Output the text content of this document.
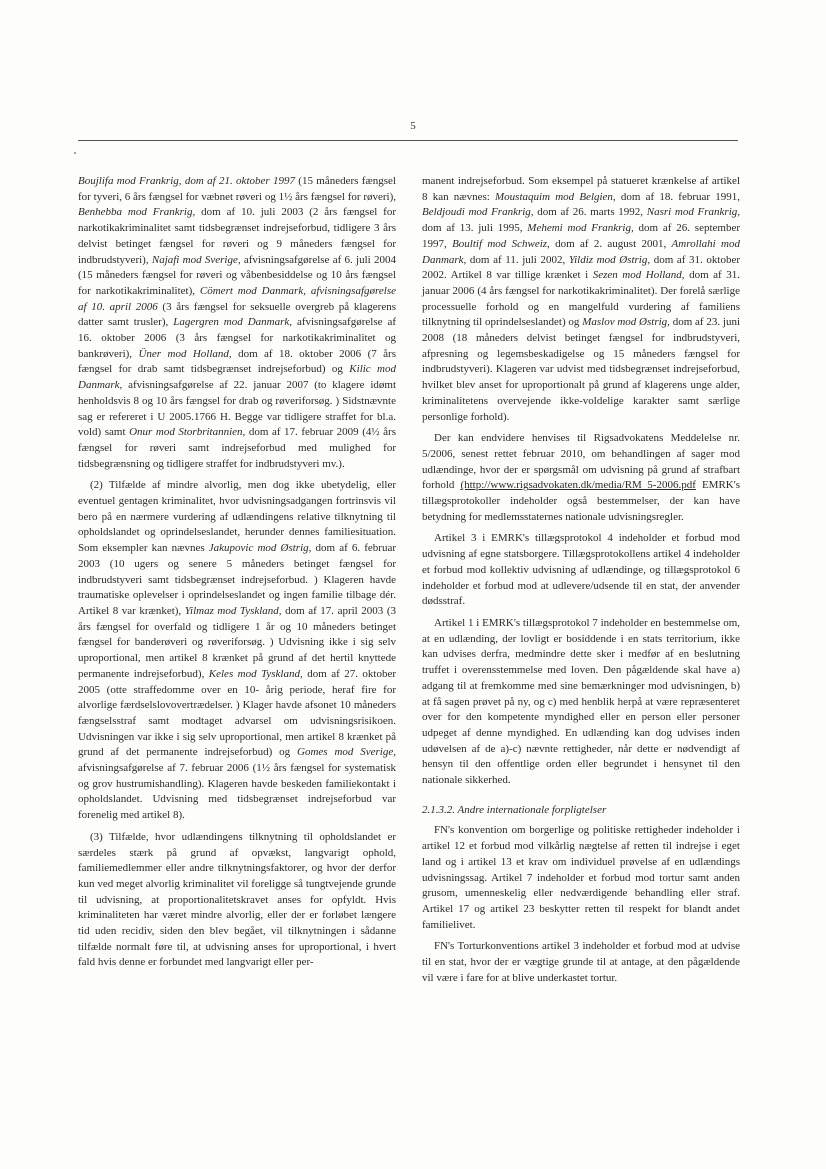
5

Boujlifa mod Frankrig, dom af 21. oktober 1997 (15 måneders fængsel for tyveri, 6 års fængsel for væbnet røveri og 1½ års fængsel for røveri), Benhebba mod Frankrig, dom af 10. juli 2003 (2 års fængsel for narkotikakriminalitet samt tidsbegrænset indrejseforbud, tidligere 3 års delvist betinget fængsel for røveri og 9 måneders fængsel for indbrudstyveri), Najafi mod Sverige, afvisningsafgørelse af 6. juli 2004 (15 måneders fængsel for røveri og våbenbesiddelse og 10 års fængsel for narkotikakriminalitet), Cömert mod Danmark, afvisningsafgørelse af 10. april 2006 (3 års fængsel for seksuelle overgreb på klagerens datter samt trusler), Lagergren mod Danmark, afvisningsafgørelse af 16. oktober 2006 (3 års fængsel for narkotikakriminalitet og bankrøveri), Üner mod Holland, dom af 18. oktober 2006 (7 års fængsel for drab samt tidsbegrænset indrejseforbud) og Kilic mod Danmark, afvisningsafgørelse af 22. januar 2007 (to klagere idømt henholdsvis 8 og 10 års fængsel for drab og røveriforsøg. ) Sidstnævnte sag er refereret i U 2005.1766 H. Begge var tidligere straffet for bl.a. vold) samt Onur mod Storbritannien, dom af 17. februar 2009 (4½ års fængsel for røveri samt indrejseforbud med mulighed for tidsbegrænsning og tidligere straffet for indbrudstyveri mv.).

(2) Tilfælde af mindre alvorlig, men dog ikke ubetydelig, eller eventuel gentagen kriminalitet, hvor udvisningsadgangen fortrinsvis vil bero på en nærmere vurdering af udlændingens relative tilknytning til opholdslandet og oprindelseslandet, herunder dennes familiesituation. Som eksempler kan nævnes Jakupovic mod Østrig, dom af 6. februar 2003 (10 ugers og senere 5 måneders betinget fængsel for indbrudstyveri samt tidsbegrænset indrejseforbud. ) Klageren havde traumatiske oplevelser i oprindelseslandet og ingen familie tilbage dér. Artikel 8 var krænket), Yilmaz mod Tyskland, dom af 17. april 2003 (3 års fængsel for overfald og tidligere 1 år og 10 måneders betinget fængsel for banderøveri og røveriforsøg. ) Udvisning ikke i sig selv uproportional, men artikel 8 krænket på grund af det hertil knyttede permanente indrejseforbud), Keles mod Tyskland, dom af 27. oktober 2005 (otte straffedomme over en 10- årig periode, heraf fire for alvorlige færdselslovovertrædelser. ) Klager havde afsonet 10 måneders fængselsstraf samt modtaget advarsel om udvisningsrisikoen. Udvisningen var ikke i sig selv uproportional, men artikel 8 krænket på grund af det permanente indrejseforbud) og Gomes mod Sverige, afvisningsafgørelse af 7. februar 2006 (1½ års fængsel for systematisk og grov hustrumishandling). Klageren havde beskeden familiekontakt i opholdslandet. Udvisning med tidsbegrænset indrejseforbud var forenelig med artikel 8).

(3) Tilfælde, hvor udlændingens tilknytning til opholdslandet er særdeles stærk på grund af opvækst, langvarigt ophold, familiemedlemmer eller andre tilknytningsfaktorer, og hvor der derfor kun ved meget alvorlig kriminalitet vil foreligge så tungtvejende grunde til udvisning, at proportionalitetskravet anses for opfyldt. Hvis kriminaliteten har været mindre alvorlig, eller der er forløbet længere tid uden recidiv, siden den blev begået, vil tilknytningen i sådanne tilfælde normalt føre til, at udvisning anses for uproportional, i hvert fald hvis denne er forbundet med langvarigt eller per-

manent indrejseforbud. Som eksempel på statueret krænkelse af artikel 8 kan nævnes: Moustaquim mod Belgien, dom af 18. februar 1991, Beldjoudi mod Frankrig, dom af 26. marts 1992, Nasri mod Frankrig, dom af 13. juli 1995, Mehemi mod Frankrig, dom af 26. september 1997, Boultif mod Schweiz, dom af 2. august 2001, Amrollahi mod Danmark, dom af 11. juli 2002, Yildiz mod Østrig, dom af 31. oktober 2002. Artikel 8 var tillige krænket i Sezen mod Holland, dom af 31. januar 2006 (4 års fængsel for narkotikakriminalitet). Der forelå særlige processuelle forhold og en mangelfuld vurdering af familiens tilknytning til oprindelseslandet) og Maslov mod Østrig, dom af 23. juni 2008 (18 måneders delvist betinget fængsel for indbrudstyveri, afpresning og legemsbeskadigelse og 15 måneders fængsel for indbrudstyveri). Klageren var udvist med tidsbegrænset indrejseforbud, hvilket blev anset for uproportionalt på grund af klagerens unge alder, kriminalitetens overvejende ikke-voldelige karakter samt særlige personlige forhold).

Der kan endvidere henvises til Rigsadvokatens Meddelelse nr. 5/2006, senest rettet februar 2010, om behandlingen af sager mod udlændinge, hvor der er spørgsmål om udvisning på grund af strafbart forhold (http://www.rigsadvokaten.dk/media/RM_5-2006.pdf EMRK's tillægsprotokoller indeholder også bestemmelser, der kan have betydning for medlemsstaternes nationale udvisningsregler.

Artikel 3 i EMRK's tillægsprotokol 4 indeholder et forbud mod udvisning af egne statsborgere. Tillægsprotokollens artikel 4 indeholder et forbud mod kollektiv udvisning af udlændinge, og tillægsprotokol 6 indeholder et forbud mod at udlevere/udsende til en stat, der anvender dødsstraf.

Artikel 1 i EMRK's tillægsprotokol 7 indeholder en bestemmelse om, at en udlænding, der lovligt er bosiddende i en stats territorium, ikke kan udvises derfra, medmindre dette sker i medfør af en beslutning truffet i overensstemmelse med loven. Den pågældende skal have a) adgang til at fremkomme med sine bemærkninger mod udvisningen, b) at få sagen prøvet på ny, og c) med henblik herpå at være repræsenteret over for den kompetente myndighed eller en person eller personer udpeget af denne myndighed. En udlænding kan dog udvises inden udøvelsen af de a)-c) nævnte rettigheder, når dette er nødvendigt af hensyn til den offentlige orden eller begrundet i hensynet til den nationale sikkerhed.

2.1.3.2. Andre internationale forpligtelser

FN's konvention om borgerlige og politiske rettigheder indeholder i artikel 12 et forbud mod vilkårlig nægtelse af retten til indrejse i eget land og i artikel 13 et krav om individuel prøvelse af en udlændings udvisningssag. Artikel 7 indeholder et forbud mod tortur samt anden grusom, umenneskelig eller nedværdigende behandling eller straf. Artikel 17 og artikel 23 beskytter retten til respekt for blandt andet familielivet.

FN's Torturkonventions artikel 3 indeholder et forbud mod at udvise til en stat, hvor der er vægtige grunde til at antage, at den pågældende vil være i fare for at blive underkastet tortur.
